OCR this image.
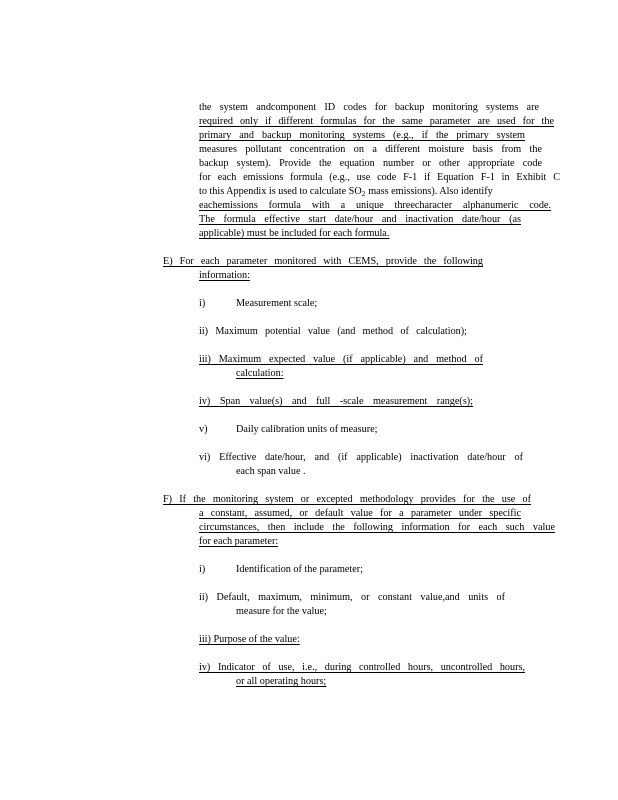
the system andcomponent ID codes for backup monitoring systems are
required only if different formulas for the same parameter are used for the
primary and backup monitoring systems (e.g., if the primary system
measures pollutant concentration on a different moisture basis from the
backup system). Provide the equation number or other appropriate code
for each emissions formula (e.g., use code F-1 if Equation F-1 in Exhibit C
to this Appendix is used to calculate $SO_2$ mass emissions). Also identify
eachemissions formula with a unique threecharacter alphanumeric code.
The formula effective start date/hour and inactivation date/hour (as
applicable) must be included for each formula.
E) For each parameter monitored with CEMS, provide the following
information:
i)	Measurement scale;
ii) Maximum potential value (and method of calculation);
iii) Maximum expected value (if applicable) and method of
calculation:
iv) Span value(s) and full -scale measurement range(s);
v)	Daily calibration units of measure;
vi) Effective date/hour, and (if applicable) inactivation date/hour of
each span value .
F) If the monitoring system or excepted methodology provides for the use of
a constant, assumed, or default value for a parameter under specific
circumstances, then include the following information for each such value
for each parameter:
i)	Identification of the parameter;
ii) Default, maximum, minimum, or constant value,and units of
measure for the value;
iii) Purpose of the value:
iv) Indicator of use, i.e., during controlled hours, uncontrolled hours,
or all operating hours;
